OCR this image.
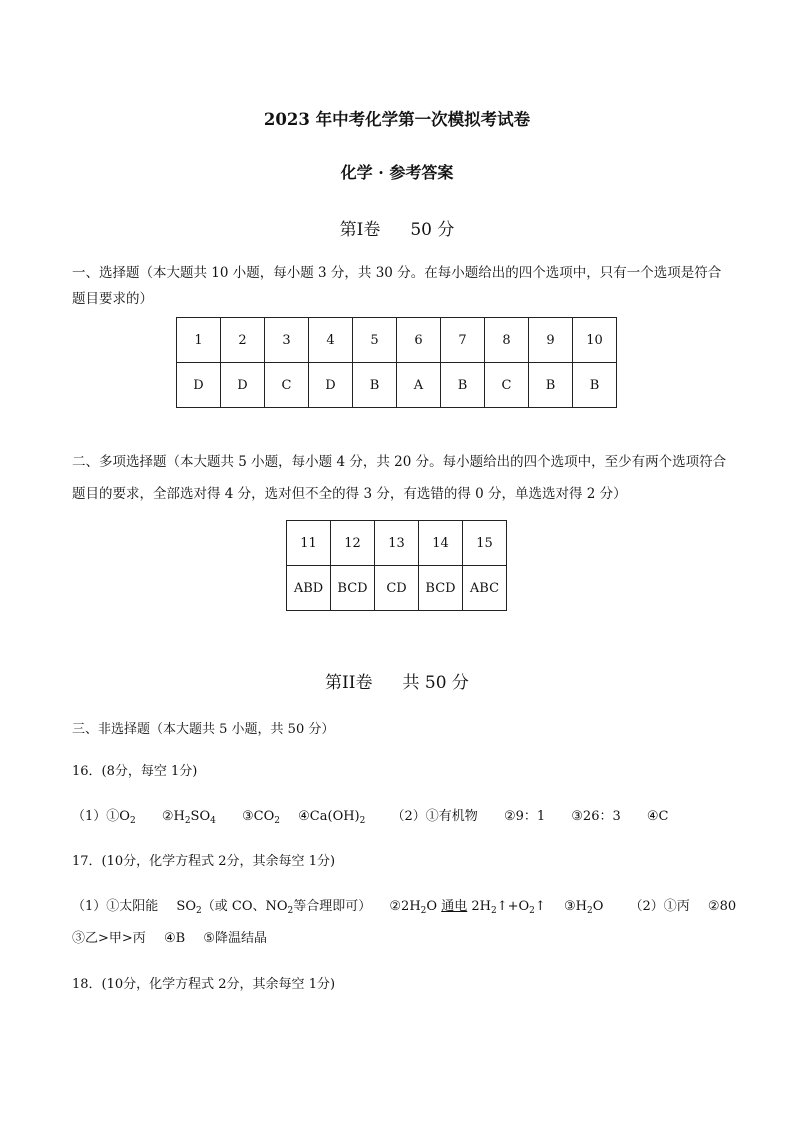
2023 年中考化学第一次模拟考试卷
化学 · 参考答案
第Ⅰ卷 50 分
一、选择题（本大题共 10 小题，每小题 3 分，共 30 分。在每小题给出的四个选项中，只有一个选项是符合题目要求的）
1	2	3	4	5	6	7	8	9	10
D	D	C	D	B	A	B	C	B	B
二、多项选择题（本大题共 5 小题，每小题 4 分，共 20 分。每小题给出的四个选项中，至少有两个选项符合题目的要求，全部选对得 4 分，选对但不全的得 3 分，有选错的得 0 分，单选选对得 2 分）
11	12	13	14	15
ABD	BCD	CD	BCD	ABC
第II卷 共 50 分
三、非选择题（本大题共 5 小题，共 50 分）
16．(8分，每空 1分)
$(1)①O_2$ $②H_2SO_4$ $③CO_2$ $④Ca(OH)_2$ （2）①有机物 ②9：1 ③26：3 ④C
17．(10分，化学方程式 2分，其余每空 1分)
（1）①太阳能 $SO_2$（或 CO、$NO_2$等合理即可） $②2H_2O$ 通电 $2H_2↑+O_2↑$ $③H_2O$ （2）①丙 ②80
③乙>甲>丙 ④B ⑤降温结晶
18．(10分，化学方程式 2分，其余每空 1分)
